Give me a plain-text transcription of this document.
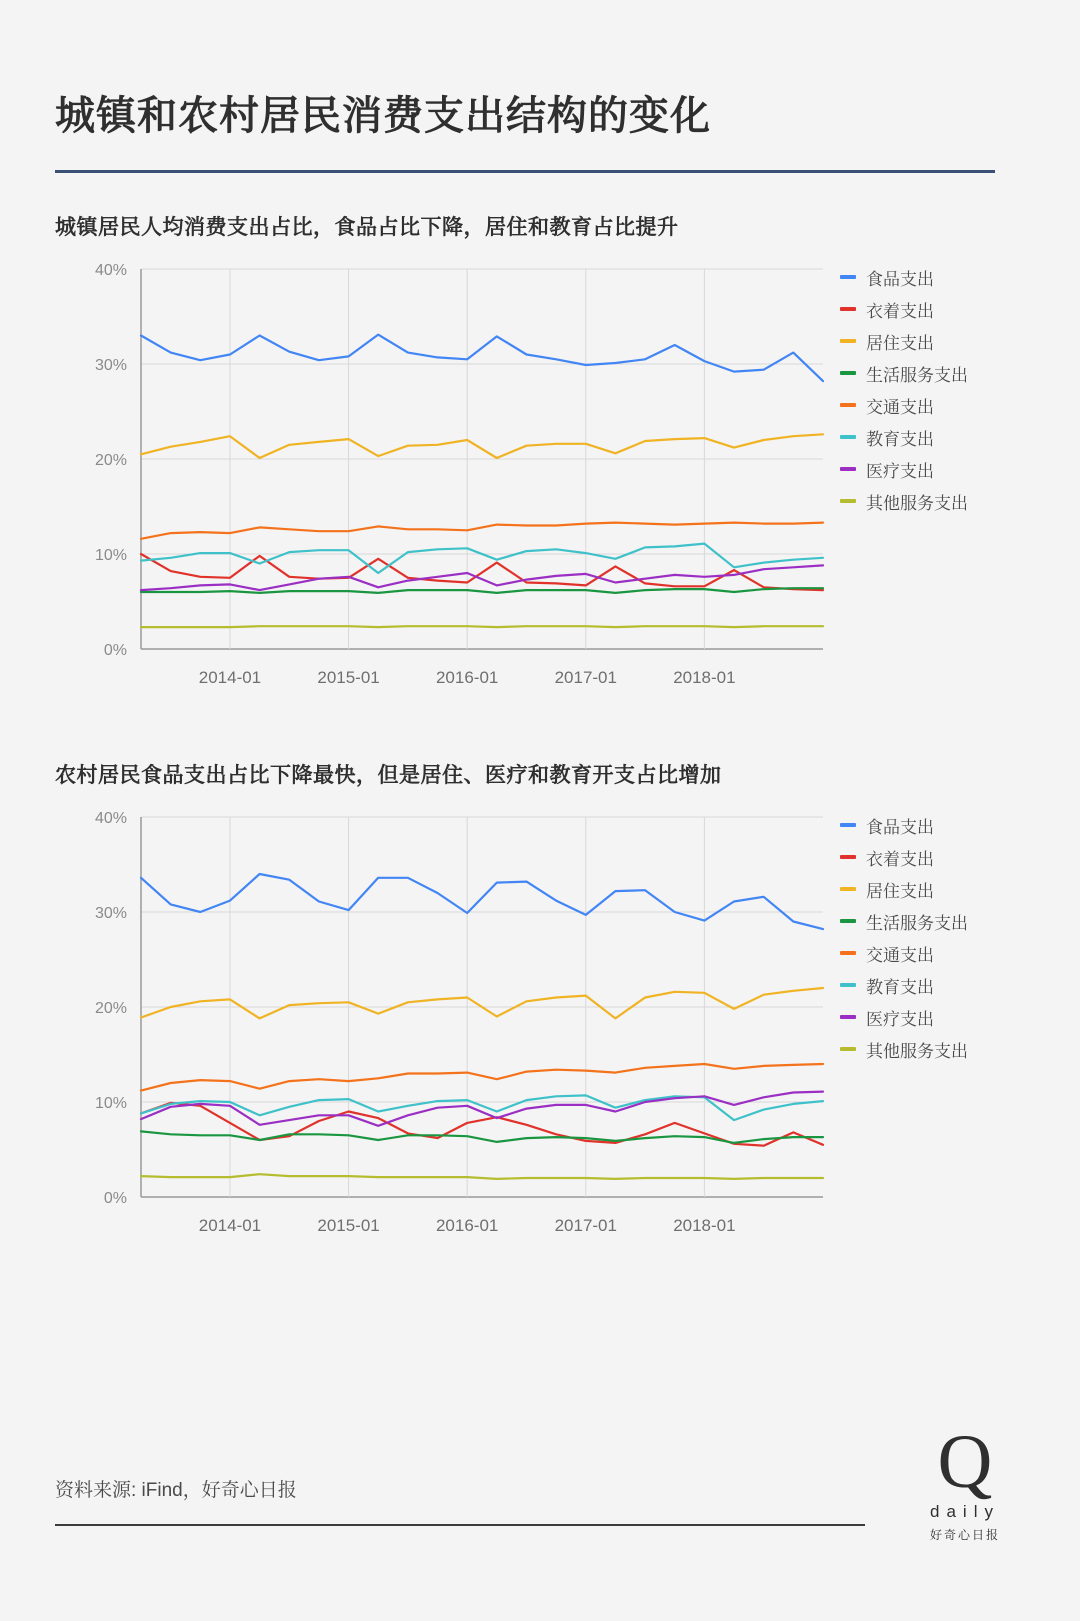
城镇和农村居民消费支出结构的变化
城镇居民人均消费支出占比，食品占比下降，居住和教育占比提升
0%
10%
20%
30%
40%
2014-01	2015-01	2016-01	2017-01	2018-01
食品支出
衣着支出
居住支出
生活服务支出
交通支出
教育支出
医疗支出
其他服务支出
农村居民食品支出占比下降最快，但是居住、医疗和教育开支占比增加
0%
10%
20%
30%
40%
2014-01	2015-01	2016-01	2017-01	2018-01
食品支出
衣着支出
居住支出
生活服务支出
交通支出
教育支出
医疗支出
其他服务支出
资料来源: iFind，好奇心日报	Q
daily
好奇心日报
